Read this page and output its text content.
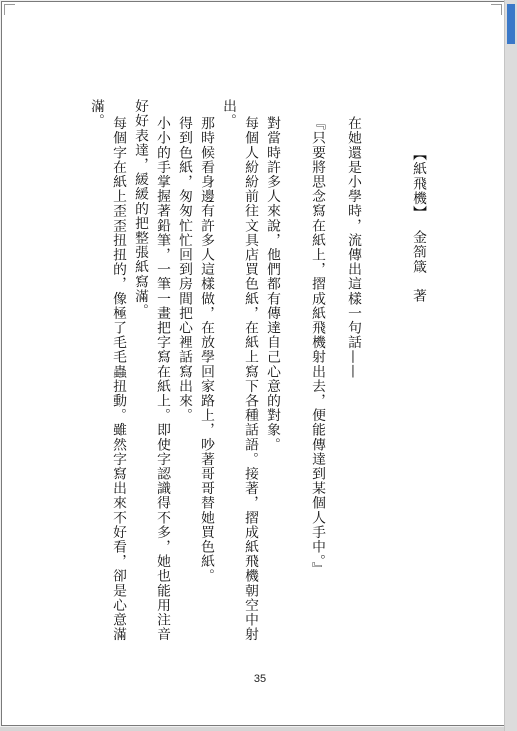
【紙飛機】
金箚箴　著
在她還是小學時，流傳出這樣一句話——
『只要將思念寫在紙上，摺成紙飛機射出去，便能傳達到某個人手中。』
對當時許多人來說，他們都有傳達自己心意的對象。
每個人紛紛前往文具店買色紙，在紙上寫下各種話語。接著，摺成紙飛機朝空中射
出。
那時候看身邊有許多人這樣做，在放學回家路上，吵著哥哥替她買色紙。
得到色紙，匆匆忙忙回到房間把心裡話寫出來。
小小的手掌握著鉛筆，一筆一畫把字寫在紙上。即使字認識得不多，她也能用注音
好好表達，緩緩的把整張紙寫滿。
每個字在紙上歪歪扭扭的，像極了毛毛蟲扭動。雖然字寫出來不好看，卻是心意滿
滿。
35
